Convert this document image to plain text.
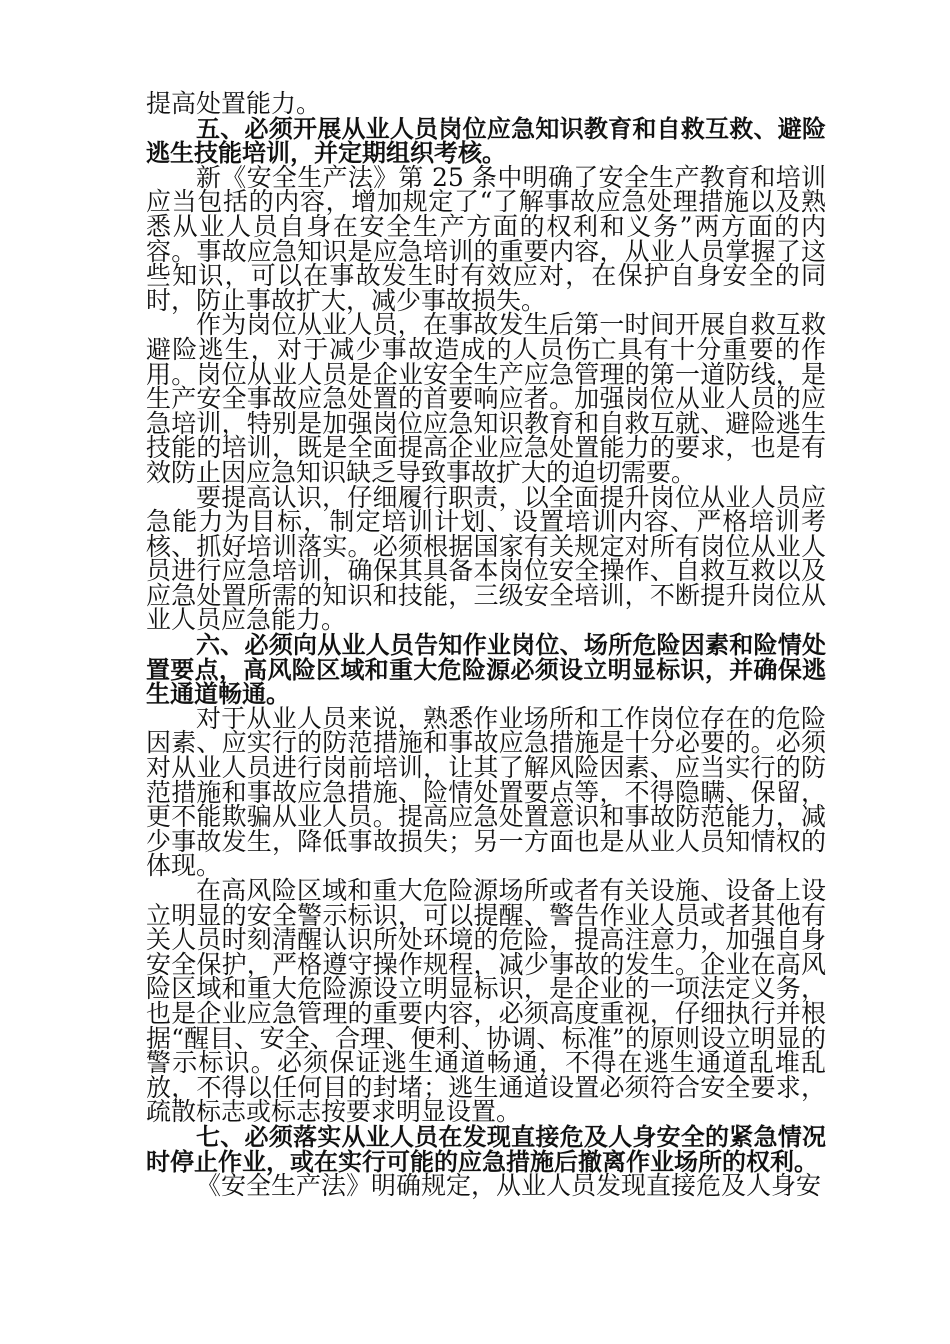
提高处置能力。

五、必须开展从业人员岗位应急知识教育和自救互救、避险逃生技能培训，并定期组织考核。

新《安全生产法》第 25 条中明确了安全生产教育和培训应当包括的内容，增加规定了“了解事故应急处理措施以及熟悉从业人员自身在安全生产方面的权利和义务”两方面的内容。事故应急知识是应急培训的重要内容，从业人员掌握了这些知识，可以在事故发生时有效应对，在保护自身安全的同时，防止事故扩大，减少事故损失。

作为岗位从业人员，在事故发生后第一时间开展自救互救避险逃生，对于减少事故造成的人员伤亡具有十分重要的作用。岗位从业人员是企业安全生产应急管理的第一道防线，是生产安全事故应急处置的首要响应者。加强岗位从业人员的应急培训，特别是加强岗位应急知识教育和自救互就、避险逃生技能的培训，既是全面提高企业应急处置能力的要求，也是有效防止因应急知识缺乏导致事故扩大的迫切需要。

要提高认识，仔细履行职责，以全面提升岗位从业人员应急能力为目标，制定培训计划、设置培训内容、严格培训考核、抓好培训落实。必须根据国家有关规定对所有岗位从业人员进行应急培训，确保其具备本岗位安全操作、自救互救以及应急处置所需的知识和技能，三级安全培训，不断提升岗位从业人员应急能力。

六、必须向从业人员告知作业岗位、场所危险因素和险情处置要点，高风险区域和重大危险源必须设立明显标识，并确保逃生通道畅通。

对于从业人员来说，熟悉作业场所和工作岗位存在的危险因素、应实行的防范措施和事故应急措施是十分必要的。必须对从业人员进行岗前培训，让其了解风险因素、应当实行的防范措施和事故应急措施、险情处置要点等，不得隐瞒、保留，更不能欺骗从业人员。提高应急处置意识和事故防范能力，减少事故发生，降低事故损失；另一方面也是从业人员知情权的体现。

在高风险区域和重大危险源场所或者有关设施、设备上设立明显的安全警示标识，可以提醒、警告作业人员或者其他有关人员时刻清醒认识所处环境的危险，提高注意力，加强自身安全保护，严格遵守操作规程，减少事故的发生。企业在高风险区域和重大危险源设立明显标识，是企业的一项法定义务，也是企业应急管理的重要内容，必须高度重视，仔细执行并根据“醒目、安全、合理、便利、协调、标准”的原则设立明显的警示标识。必须保证逃生通道畅通，不得在逃生通道乱堆乱放，不得以任何目的封堵；逃生通道设置必须符合安全要求，疏散标志或标志按要求明显设置。

七、必须落实从业人员在发现直接危及人身安全的紧急情况时停止作业，或在实行可能的应急措施后撤离作业场所的权利。

《安全生产法》明确规定，从业人员发现直接危及人身安
